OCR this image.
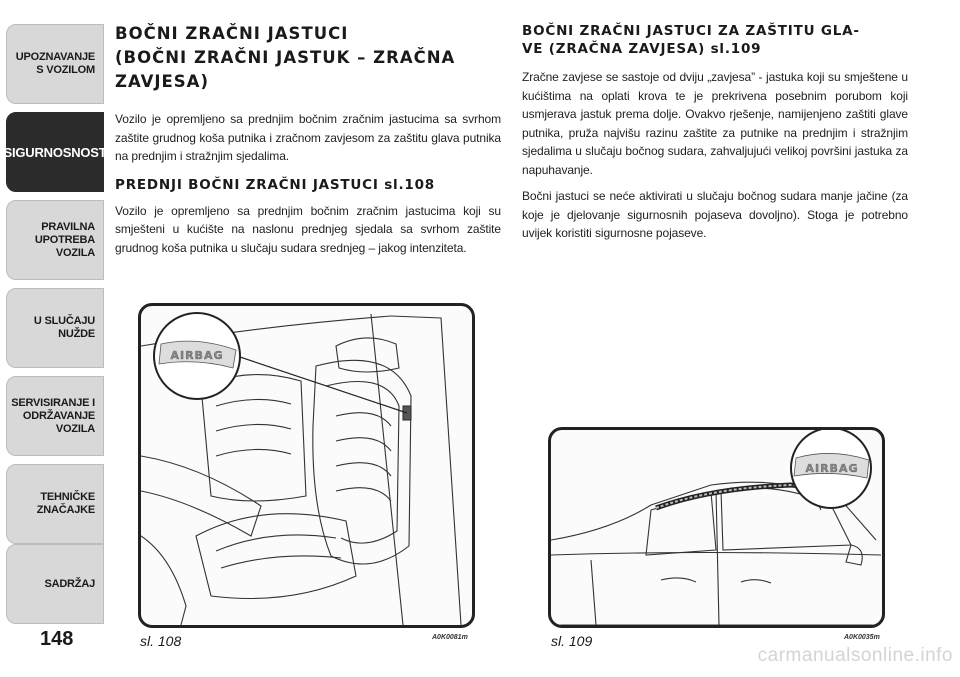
UPOZNAVANJE
S VOZILOM
SIGURNOSNOST
PRAVILNA
UPOTREBA
VOZILA
U SLUČAJU
NUŽDE
SERVISIRANJE I
ODRŽAVANJE
VOZILA
TEHNIČKE
ZNAČAJKE
SADRŽAJ
148
BOČNI ZRAČNI JASTUCI
(BOČNI ZRAČNI JASTUK – ZRAČNA
ZAVJESA)

Vozilo je opremljeno sa prednjim bočnim zračnim jastucima sa svrhom zaštite grudnog koša putnika i zračnom zavjesom za zaštitu glava putnika na prednjim i stražnjim sjedalima.

PREDNJI BOČNI ZRAČNI JASTUCI sl.108

Vozilo je opremljeno sa prednjim bočnim zračnim jastucima koji su smješteni u kućište na naslonu prednjeg sjedala sa svrhom zaštite grudnog koša putnika u slučaju sudara srednjeg – jakog intenziteta.

BOČNI ZRAČNI JASTUCI ZA ZAŠTITU GLA-
VE (ZRAČNA ZAVJESA) sl.109

Zračne zavjese se sastoje od dviju „zavjesa” - jastuka koji su smještene u kućištima na oplati krova te je prekrivena posebnim porubom koji usmjerava jastuk prema dolje. Ovakvo rješenje, namijenjeno zaštiti glave putnika, pruža najvišu razinu zaštite za putnike na prednjim i stražnjim sjedalima u slučaju bočnog sudara, zahvaljujući velikoj površini jastuka za napuhavanje.

Bočni jastuci se neće aktivirati u slučaju bočnog sudara manje jačine (za koje je djelovanje sigurnosnih pojaseva dovoljno). Stoga je potrebno uvijek koristiti sigurnosne pojaseve.

AIRBAG
sl. 108	A0K0081m
AIRBAG
sl. 109	A0K0035m
carmanualsonline.info
